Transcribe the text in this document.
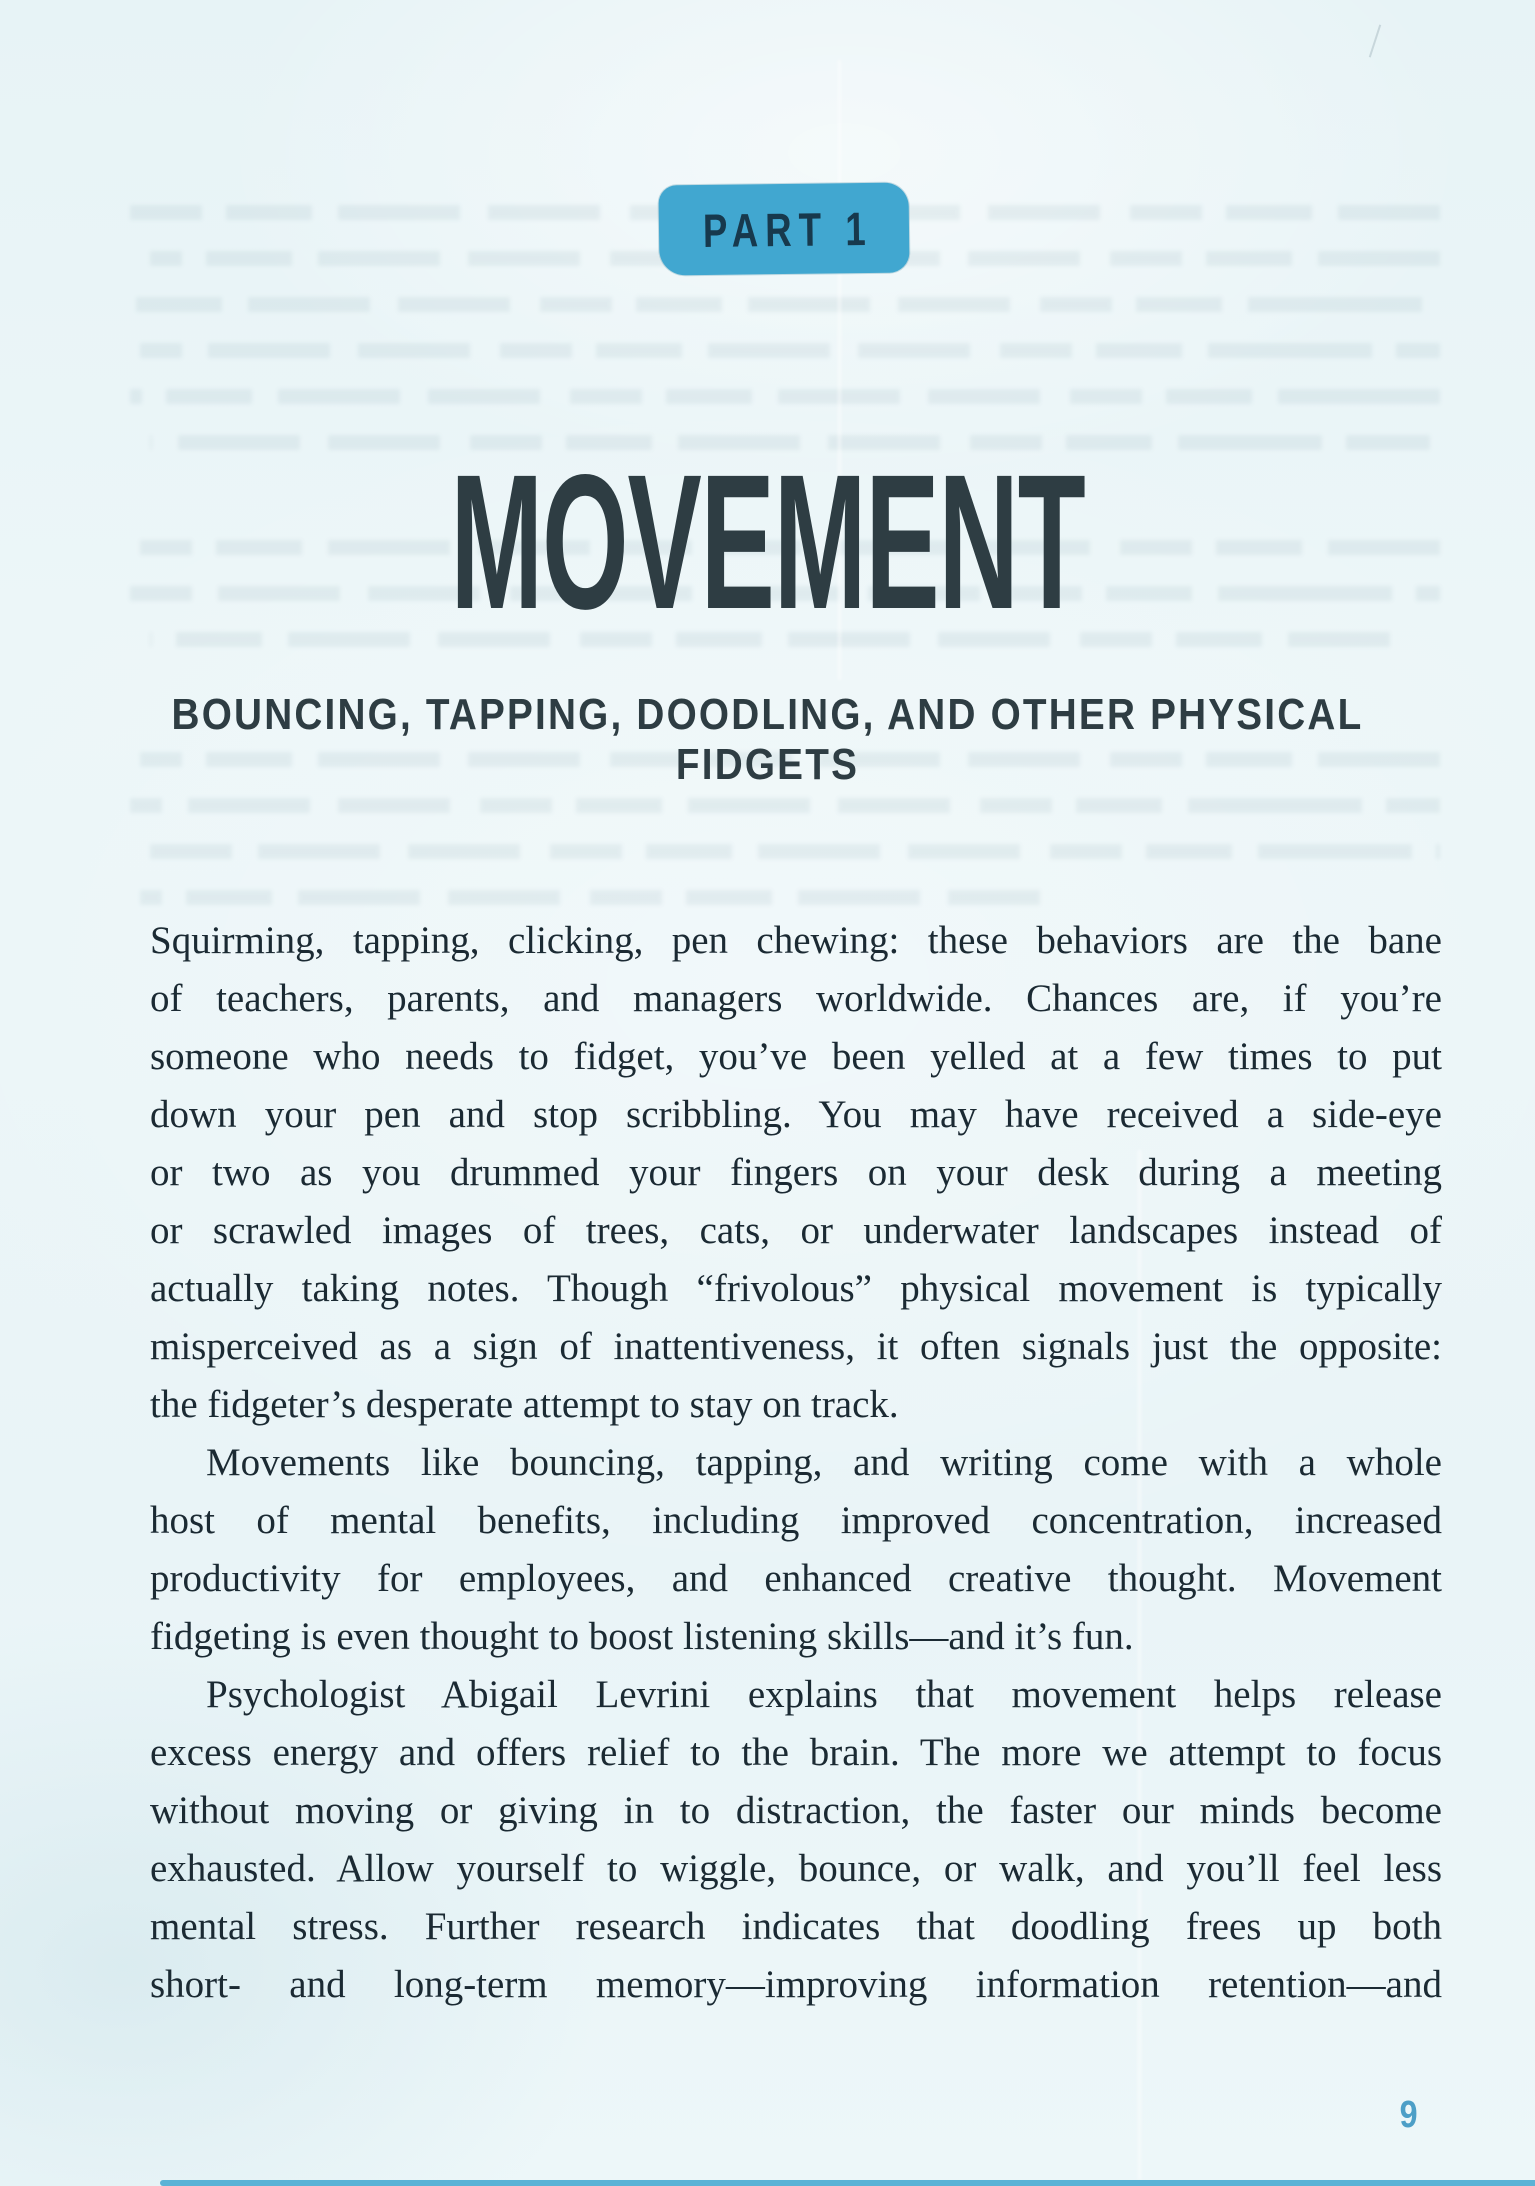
PART 1
MOVEMENT
BOUNCING, TAPPING, DOODLING, AND OTHER PHYSICAL FIDGETS
Squirming, tapping, clicking, pen chewing: these behaviors are the bane
of teachers, parents, and managers worldwide. Chances are, if you’re
someone who needs to fidget, you’ve been yelled at a few times to put
down your pen and stop scribbling. You may have received a side-eye
or two as you drummed your fingers on your desk during a meeting
or scrawled images of trees, cats, or underwater landscapes instead of
actually taking notes. Though “frivolous” physical movement is typically
misperceived as a sign of inattentiveness, it often signals just the opposite:
the fidgeter’s desperate attempt to stay on track.
Movements like bouncing, tapping, and writing come with a whole
host of mental benefits, including improved concentration, increased
productivity for employees, and enhanced creative thought. Movement
fidgeting is even thought to boost listening skills—and it’s fun.
Psychologist Abigail Levrini explains that movement helps release
excess energy and offers relief to the brain. The more we attempt to focus
without moving or giving in to distraction, the faster our minds become
exhausted. Allow yourself to wiggle, bounce, or walk, and you’ll feel less
mental stress. Further research indicates that doodling frees up both
short- and long-term memory—improving information retention—and
9
